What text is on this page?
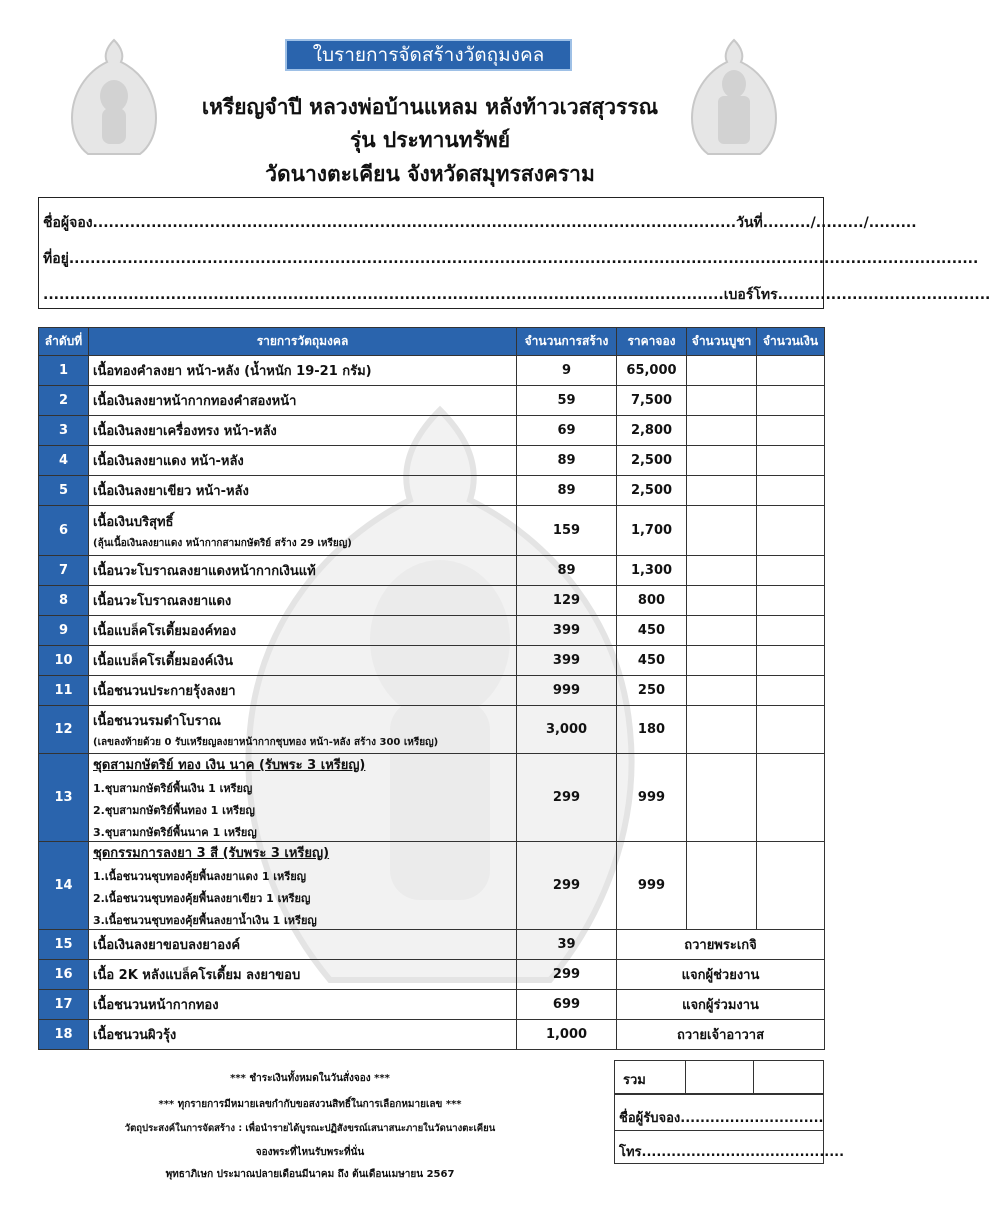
ใบรายการจัดสร้างวัตถุมงคล
เหรียญจำปี หลวงพ่อบ้านแหลม หลังท้าวเวสสุวรรณ
รุ่น ประทานทรัพย์
วัดนางตะเคียน จังหวัดสมุทรสงคราม
ชื่อผู้จอง.........................................................................................................................วันที่........./........./.........
ที่อยู่...........................................................................................................................................................................
................................................................................................................................เบอร์โทร........................................
ลำดับที่	รายการวัตถุมงคล	จำนวนการสร้าง	ราคาจอง	จำนวนบูชา	จำนวนเงิน
1	เนื้อทองคำลงยา หน้า-หลัง (น้ำหนัก 19-21 กรัม)	9	65,000		
2	เนื้อเงินลงยาหน้ากากทองคำสองหน้า	59	7,500		
3	เนื้อเงินลงยาเครื่องทรง หน้า-หลัง	69	2,800		
4	เนื้อเงินลงยาแดง หน้า-หลัง	89	2,500		
5	เนื้อเงินลงยาเขียว หน้า-หลัง	89	2,500		
6	เนื้อเงินบริสุทธิ์
(ลุ้นเนื้อเงินลงยาแดง หน้ากากสามกษัตริย์ สร้าง 29 เหรียญ)	159	1,700		
7	เนื้อนวะโบราณลงยาแดงหน้ากากเงินแท้	89	1,300		
8	เนื้อนวะโบราณลงยาแดง	129	800		
9	เนื้อแบล็คโรเดี้ยมองค์ทอง	399	450		
10	เนื้อแบล็คโรเดี้ยมองค์เงิน	399	450		
11	เนื้อชนวนประกายรุ้งลงยา	999	250		
12	เนื้อชนวนรมดำโบราณ
(เลขลงท้ายด้วย 0 รับเหรียญลงยาหน้ากากชุบทอง หน้า-หลัง สร้าง 300 เหรียญ)	3,000	180		
13	ชุดสามกษัตริย์ ทอง เงิน นาค (รับพระ 3 เหรียญ)
1.ชุบสามกษัตริย์พื้นเงิน 1 เหรียญ
2.ชุบสามกษัตริย์พื้นทอง 1 เหรียญ
3.ชุบสามกษัตริย์พื้นนาค 1 เหรียญ	299	999		
14	ชุดกรรมการลงยา 3 สี (รับพระ 3 เหรียญ)
1.เนื้อชนวนชุบทองคุ้ยพื้นลงยาแดง 1 เหรียญ
2.เนื้อชนวนชุบทองคุ้ยพื้นลงยาเขียว 1 เหรียญ
3.เนื้อชนวนชุบทองคุ้ยพื้นลงยาน้ำเงิน 1 เหรียญ	299	999		
15	เนื้อเงินลงยาขอบลงยาองค์	39	ถวายพระเกจิ		
16	เนื้อ 2K หลังแบล็คโรเดี้ยม ลงยาขอบ	299	แจกผู้ช่วยงาน		
17	เนื้อชนวนหน้ากากทอง	699	แจกผู้ร่วมงาน		
18	เนื้อชนวนผิวรุ้ง	1,000	ถวายเจ้าอาวาส		
*** ชำระเงินทั้งหมดในวันสั่งจอง ***
*** ทุกรายการมีหมายเลขกำกับขอสงวนสิทธิ์ในการเลือกหมายเลข ***
วัตถุประสงค์ในการจัดสร้าง : เพื่อนำรายได้บูรณะปฏิสังขรณ์เสนาสนะภายในวัดนางตะเคียน
จองพระที่ไหนรับพระที่นั่น
พุทธาภิเษก ประมาณปลายเดือนมีนาคม ถึง ต้นเดือนเมษายน 2567
รวม
ชื่อผู้รับจอง.............................
โทร.........................................
